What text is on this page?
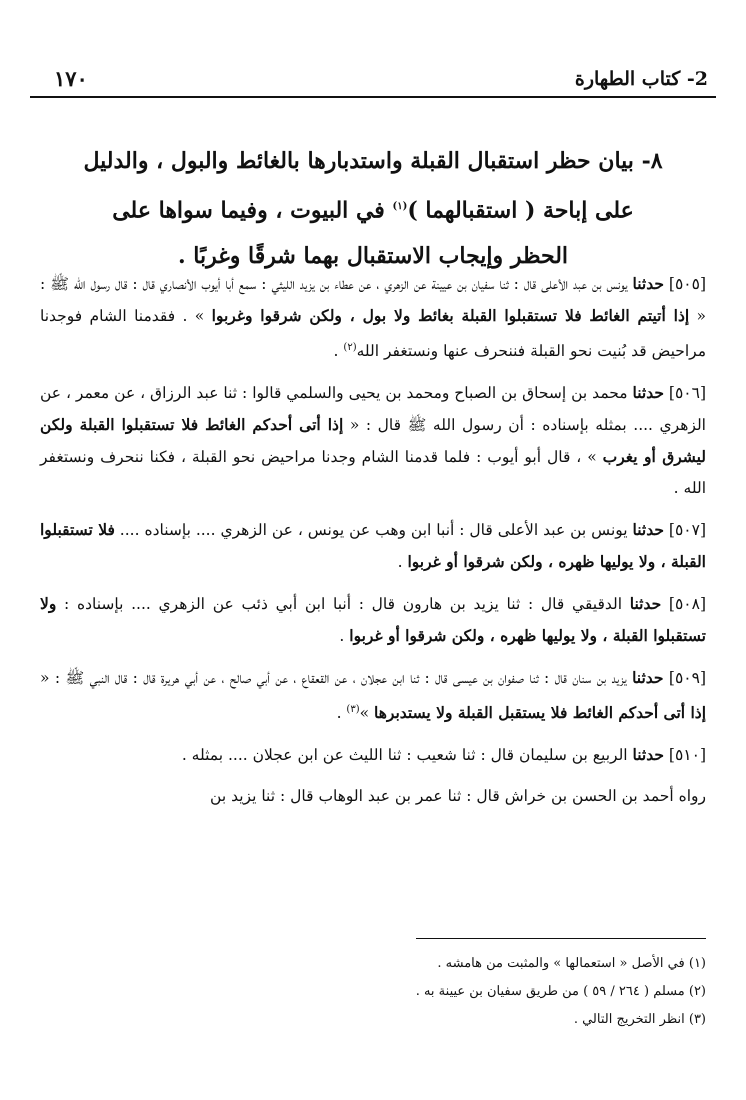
2- كتاب الطهارة
١٧٠
٨- بيان حظر استقبال القبلة واستدبارها بالغائط والبول ، والدليل
على إباحة ( استقبالهما )$^{(١)}$ في البيوت ، وفيما سواها على
الحظر وإيجاب الاستقبال بهما شرقًا وغربًا .

[٥٠٥] حدثنا يونس بن عبد الأعلى قال : ثنا سفيان بن عيينة عن الزهري ، عن عطاء بن يزيد الليثي : سمع أبا أيوب الأنصاري قال : قال رسول الله ﷺ : « إذا أتيتم الغائط فلا تستقبلوا القبلة بغائط ولا بول ، ولكن شرقوا وغربوا » . فقدمنا الشام فوجدنا مراحيض قد بُنيت نحو القبلة فننحرف عنها ونستغفر الله$^{(٢)}$ .

[٥٠٦] حدثنا محمد بن إسحاق بن الصباح ومحمد بن يحيى والسلمي قالوا : ثنا عبد الرزاق ، عن معمر ، عن الزهري .... بمثله بإسناده : أن رسول الله ﷺ قال : « إذا أتى أحدكم الغائط فلا تستقبلوا القبلة ولكن ليشرق أو يغرب » ، قال أبو أيوب : فلما قدمنا الشام وجدنا مراحيض نحو القبلة ، فكنا ننحرف ونستغفر الله .

[٥٠٧] حدثنا يونس بن عبد الأعلى قال : أنبا ابن وهب عن يونس ، عن الزهري .... بإسناده .... فلا تستقبلوا القبلة ، ولا يوليها ظهره ، ولكن شرقوا أو غربوا .

[٥٠٨] حدثنا الدقيقي قال : ثنا يزيد بن هارون قال : أنبا ابن أبي ذئب عن الزهري .... بإسناده : ولا تستقبلوا القبلة ، ولا يوليها ظهره ، ولكن شرقوا أو غربوا .

[٥٠٩] حدثنا يزيد بن سنان قال : ثنا صفوان بن عيسى قال : ثنا ابن عجلان ، عن القعقاع ، عن أبي صالح ، عن أبي هريرة قال : قال النبي ﷺ : « إذا أتى أحدكم الغائط فلا يستقبل القبلة ولا يستدبرها »$^{(٣)}$ .

[٥١٠] حدثنا الربيع بن سليمان قال : ثنا شعيب : ثنا الليث عن ابن عجلان .... بمثله .

رواه أحمد بن الحسن بن خراش قال : ثنا عمر بن عبد الوهاب قال : ثنا يزيد بن

(١) في الأصل « استعمالها » والمثبت من هامشه .
(٢) مسلم ( ٢٦٤ / ٥٩ ) من طريق سفيان بن عيينة به .
(٣) انظر التخريج التالي .
